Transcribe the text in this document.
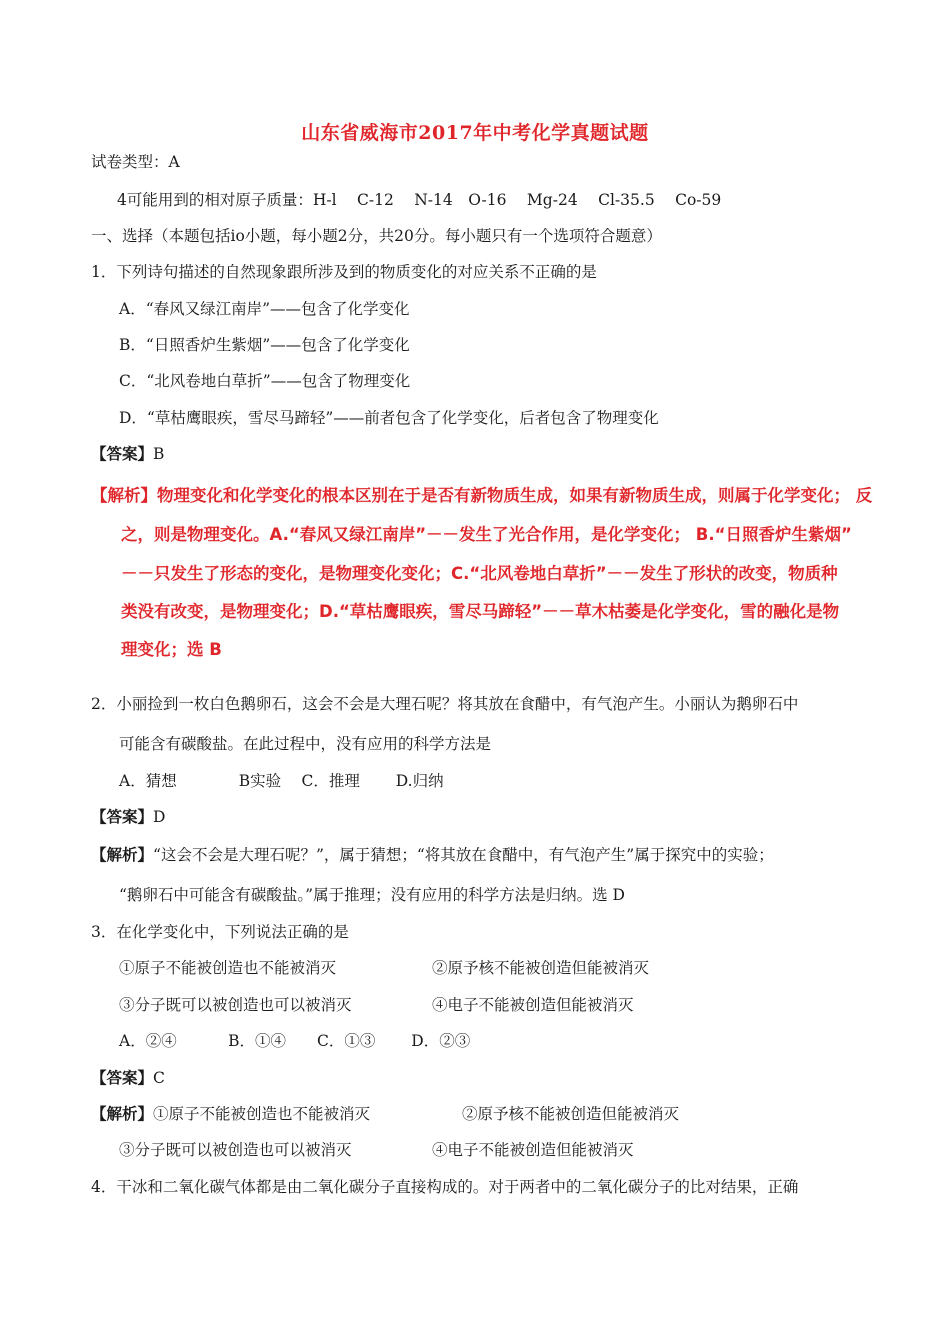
山东省威海市2017年中考化学真题试题
试卷类型：A
4可能用到的相对原子质量：H-l　 C-12　 N-14　O-16　 Mg-24　 Cl-35.5　 Co-59
一、选择（本题包括io小题，每小题2分，共20分。每小题只有一个选项符合题意）
1．下列诗句描述的自然现象跟所涉及到的物质变化的对应关系不正确的是
A．“春风又绿江南岸”——包含了化学变化
B．“日照香炉生紫烟”——包含了化学变化
C．“北风卷地白草折”——包含了物理变化
D．“草枯鹰眼疾，雪尽马蹄轻”——前者包含了化学变化，后者包含了物理变化
【答案】B
【解析】物理变化和化学变化的根本区别在于是否有新物质生成，如果有新物质生成，则属于化学变化； 反
之，则是物理变化。A.“春风又绿江南岸”－－发生了光合作用，是化学变化； B.“日照香炉生紫烟”
－－只发生了形态的变化，是物理变化变化；C.“北风卷地白草折”－－发生了形状的改变，物质种
类没有改变，是物理变化；D.“草枯鹰眼疾，雪尽马蹄轻”－－草木枯萎是化学变化，雪的融化是物
理变化；选 B
2．小丽捡到一枚白色鹅卵石，这会不会是大理石呢？将其放在食醋中，有气泡产生。小丽认为鹅卵石中
可能含有碳酸盐。在此过程中，没有应用的科学方法是
A．猜想　　　　B实验　 C．推理　　 D.归纳
【答案】D
【解析】“这会不会是大理石呢？”，属于猜想；“将其放在食醋中，有气泡产生”属于探究中的实验；
“鹅卵石中可能含有碳酸盐。”属于推理；没有应用的科学方法是归纳。选 D
3．在化学变化中，下列说法正确的是
①原子不能被创造也不能被消灭	②原予核不能被创造但能被消灭
③分子既可以被创造也可以被消灭	④电子不能被创造但能被消灭
A．②④　　　 B．①④　　C．①③　　 D．②③
【答案】C
【解析】①原子不能被创造也不能被消灭	②原予核不能被创造但能被消灭
③分子既可以被创造也可以被消灭	④电子不能被创造但能被消灭
4．干冰和二氧化碳气体都是由二氧化碳分子直接构成的。对于两者中的二氧化碳分子的比对结果，正确
